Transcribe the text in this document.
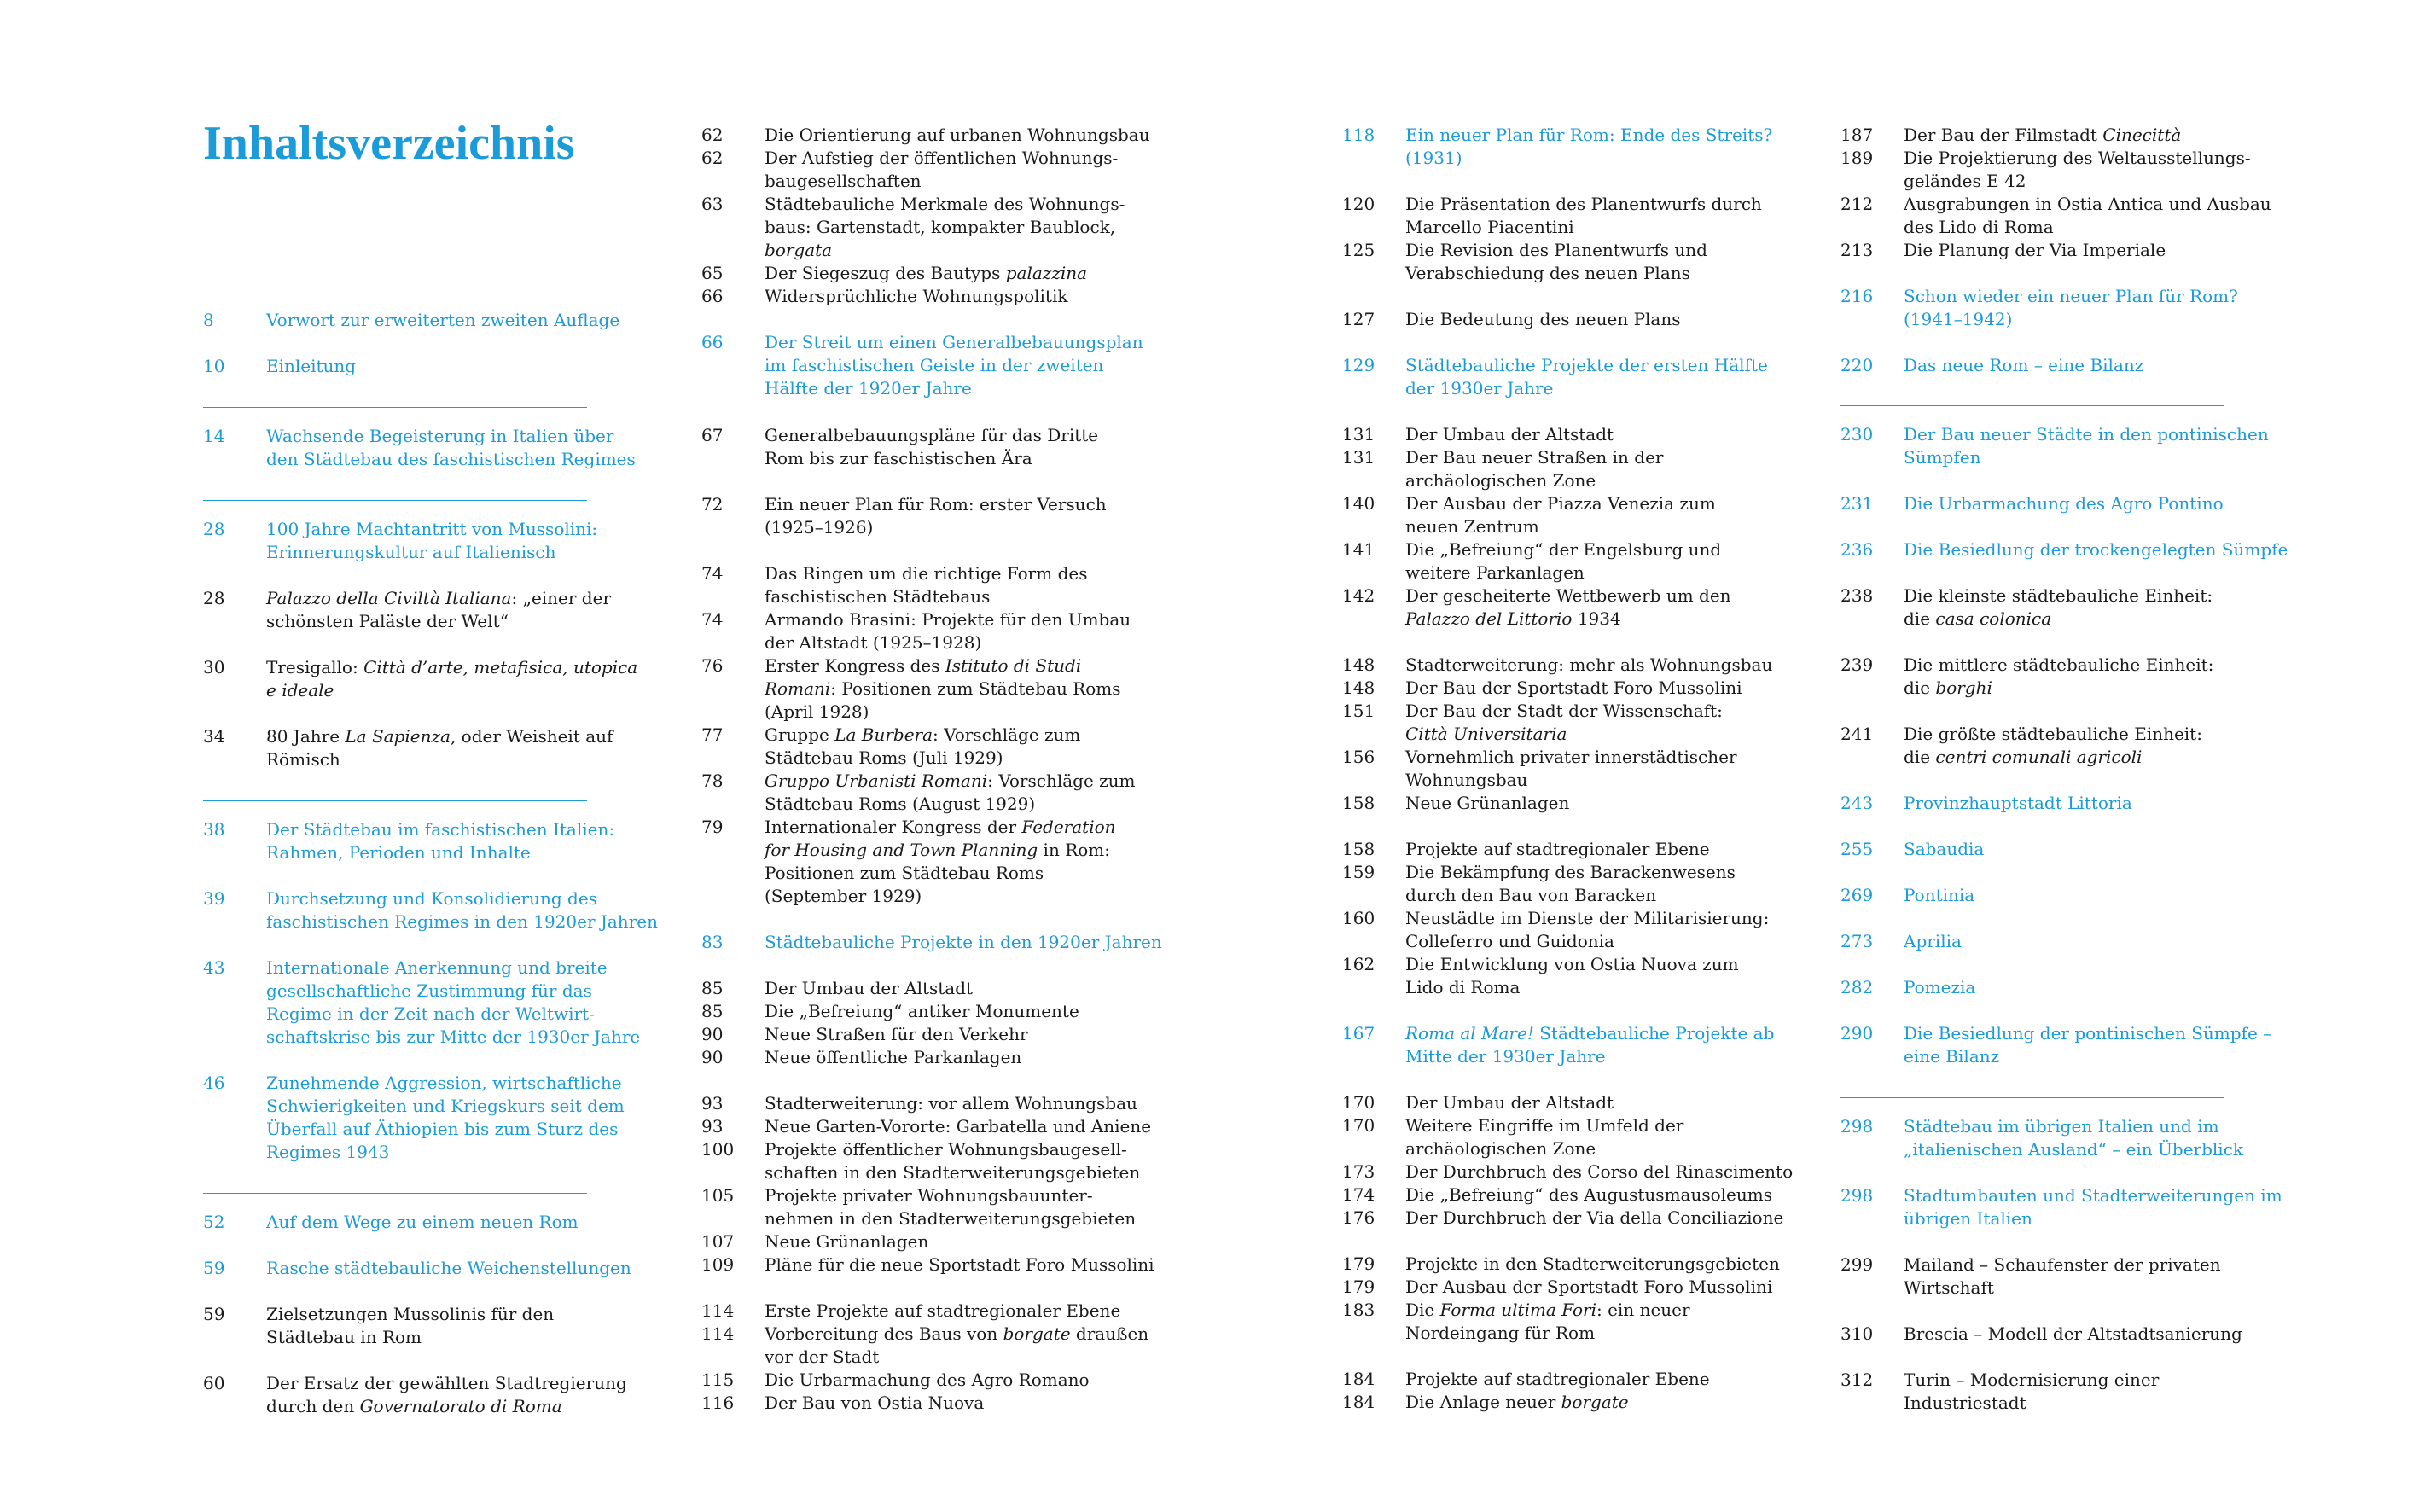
Inhaltsverzeichnis
8	Vorwort zur erweiterten zweiten Auflage
10 Einleitung
14 Wachsende Begeisterung in Italien über
den Städtebau des faschistischen Regimes
28 100 Jahre Machtantritt von Mussolini:
Erinnerungskultur auf Italienisch
28 Palazzo della Civiltà Italiana: „einer der
schönsten Paläste der Welt“
30 Tresigallo: Città d’arte, metafisica, utopica
e ideale
34 80 Jahre La Sapienza, oder Weisheit auf
Römisch
38 Der Städtebau im faschistischen Italien:
Rahmen, Perioden und Inhalte
39 Durchsetzung und Konsolidierung des
faschistischen Regimes in den 1920er Jahren
43 Internationale Anerkennung und breite
gesellschaftliche Zustimmung für das
Regime in der Zeit nach der Weltwirt-
schaftskrise bis zur Mitte der 1930er Jahre
46 Zunehmende Aggression, wirtschaftliche
Schwierigkeiten und Kriegskurs seit dem
Überfall auf Äthiopien bis zum Sturz des
Regimes 1943
52 Auf dem Wege zu einem neuen Rom
59 Rasche städtebauliche Weichenstellungen
59 Zielsetzungen Mussolinis für den
Städtebau in Rom
60 Der Ersatz der gewählten Stadtregierung
durch den Governatorato di Roma
62 Die Orientierung auf urbanen Wohnungsbau
62 Der Aufstieg der öffentlichen Wohnungs-
baugesellschaften
63 Städtebauliche Merkmale des Wohnungs-
baus: Gartenstadt, kompakter Baublock,
borgata
65 Der Siegeszug des Bautyps palazzina
66 Widersprüchliche Wohnungspolitik
66 Der Streit um einen Generalbebauungsplan
im faschistischen Geiste in der zweiten
Hälfte der 1920er Jahre
67 Generalbebauungspläne für das Dritte
Rom bis zur faschistischen Ära
72 Ein neuer Plan für Rom: erster Versuch
(1925–1926)
74 Das Ringen um die richtige Form des
faschistischen Städtebaus
74 Armando Brasini: Projekte für den Umbau
der Altstadt (1925–1928)
76 Erster Kongress des Istituto di Studi
Romani: Positionen zum Städtebau Roms
(April 1928)
77 Gruppe La Burbera: Vorschläge zum
Städtebau Roms (Juli 1929)
78 Gruppo Urbanisti Romani: Vorschläge zum
Städtebau Roms (August 1929)
79 Internationaler Kongress der Federation
for Housing and Town Planning in Rom:
Positionen zum Städtebau Roms
(September 1929)
83 Städtebauliche Projekte in den 1920er Jahren
85 Der Umbau der Altstadt
85 Die „Befreiung“ antiker Monumente
90 Neue Straßen für den Verkehr
90 Neue öffentliche Parkanlagen
93 Stadterweiterung: vor allem Wohnungsbau
93 Neue Garten-Vororte: Garbatella und Aniene
100 Projekte öffentlicher Wohnungsbaugesell-
schaften in den Stadterweiterungsgebieten
105 Projekte privater Wohnungsbauunter-
nehmen in den Stadterweiterungsgebieten
107 Neue Grünanlagen
109 Pläne für die neue Sportstadt Foro Mussolini
114 Erste Projekte auf stadtregionaler Ebene
114 Vorbereitung des Baus von borgate draußen
vor der Stadt
115 Die Urbarmachung des Agro Romano
116 Der Bau von Ostia Nuova
118 Ein neuer Plan für Rom: Ende des Streits?
(1931)
120 Die Präsentation des Planentwurfs durch
Marcello Piacentini
125 Die Revision des Planentwurfs und
Verabschiedung des neuen Plans
127 Die Bedeutung des neuen Plans
129 Städtebauliche Projekte der ersten Hälfte
der 1930er Jahre
131 Der Umbau der Altstadt
131 Der Bau neuer Straßen in der
archäologischen Zone
140 Der Ausbau der Piazza Venezia zum
neuen Zentrum
141 Die „Befreiung“ der Engelsburg und
weitere Parkanlagen
142 Der gescheiterte Wettbewerb um den
Palazzo del Littorio 1934
148 Stadterweiterung: mehr als Wohnungsbau
148 Der Bau der Sportstadt Foro Mussolini
151 Der Bau der Stadt der Wissenschaft:
Città Universitaria
156 Vornehmlich privater innerstädtischer
Wohnungsbau
158 Neue Grünanlagen
158 Projekte auf stadtregionaler Ebene
159 Die Bekämpfung des Barackenwesens
durch den Bau von Baracken
160 Neustädte im Dienste der Militarisierung:
Colleferro und Guidonia
162 Die Entwicklung von Ostia Nuova zum
Lido di Roma
167 Roma al Mare! Städtebauliche Projekte ab
Mitte der 1930er Jahre
170 Der Umbau der Altstadt
170 Weitere Eingriffe im Umfeld der
archäologischen Zone
173 Der Durchbruch des Corso del Rinascimento
174 Die „Befreiung“ des Augustusmausoleums
176 Der Durchbruch der Via della Conciliazione
179 Projekte in den Stadterweiterungsgebieten
179 Der Ausbau der Sportstadt Foro Mussolini
183 Die Forma ultima Fori: ein neuer
Nordeingang für Rom
184 Projekte auf stadtregionaler Ebene
184 Die Anlage neuer borgate
187 Der Bau der Filmstadt Cinecittà
189 Die Projektierung des Weltausstellungs-
geländes E 42
212 Ausgrabungen in Ostia Antica und Ausbau
des Lido di Roma
213 Die Planung der Via Imperiale
216 Schon wieder ein neuer Plan für Rom?
(1941–1942)
220 Das neue Rom – eine Bilanz
230 Der Bau neuer Städte in den pontinischen
Sümpfen
231 Die Urbarmachung des Agro Pontino
236 Die Besiedlung der trockengelegten Sümpfe
238 Die kleinste städtebauliche Einheit:
die casa colonica
239 Die mittlere städtebauliche Einheit:
die borghi
241 Die größte städtebauliche Einheit:
die centri comunali agricoli
243 Provinzhauptstadt Littoria
255 Sabaudia
269 Pontinia
273 Aprilia
282 Pomezia
290 Die Besiedlung der pontinischen Sümpfe –
eine Bilanz
298 Städtebau im übrigen Italien und im
„italienischen Ausland“ – ein Überblick
298 Stadtumbauten und Stadterweiterungen im
übrigen Italien
299 Mailand – Schaufenster der privaten
Wirtschaft
310 Brescia – Modell der Altstadtsanierung
312 Turin – Modernisierung einer
Industriestadt
